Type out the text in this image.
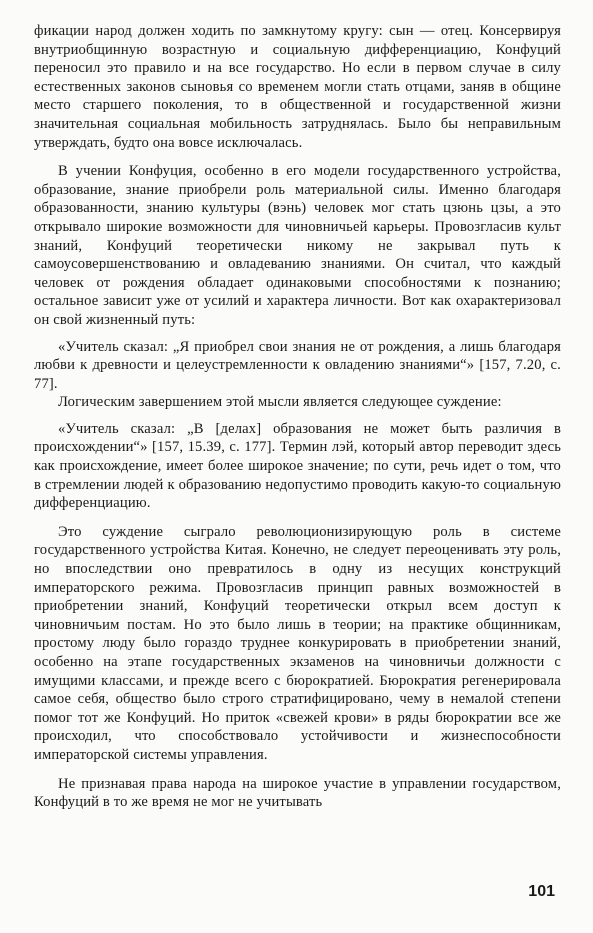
фикации народ должен ходить по замкнутому кругу: сын — отец. Консервируя внутриобщинную возрастную и социальную дифференциацию, Конфуций переносил это правило и на все государство. Но если в первом случае в силу естественных законов сыновья со временем могли стать отцами, заняв в общине место старшего поколения, то в общественной и государственной жизни значительная социальная мобильность затруднялась. Было бы неправильным утверждать, будто она вовсе исключалась.

В учении Конфуция, особенно в его модели государственного устройства, образование, знание приобрели роль материальной силы. Именно благодаря образованности, знанию культуры (вэнь) человек мог стать цзюнь цзы, а это открывало широкие возможности для чиновничьей карьеры. Провозгласив культ знаний, Конфуций теоретически никому не закрывал путь к самоусовершенствованию и овладеванию знаниями. Он считал, что каждый человек от рождения обладает одинаковыми способностями к познанию; остальное зависит уже от усилий и характера личности. Вот как охарактеризовал он свой жизненный путь:

«Учитель сказал: „Я приобрел свои знания не от рождения, а лишь благодаря любви к древности и целеустремленности к овладению знаниями“» [157, 7.20, с. 77].

Логическим завершением этой мысли является следующее суждение:

«Учитель сказал: „В [делах] образования не может быть различия в происхождении“» [157, 15.39, с. 177]. Термин лэй, который автор переводит здесь как происхождение, имеет более широкое значение; по сути, речь идет о том, что в стремлении людей к образованию недопустимо проводить какую-то социальную дифференциацию.

Это суждение сыграло революционизирующую роль в системе государственного устройства Китая. Конечно, не следует переоценивать эту роль, но впоследствии оно превратилось в одну из несущих конструкций императорского режима. Провозгласив принцип равных возможностей в приобретении знаний, Конфуций теоретически открыл всем доступ к чиновничьим постам. Но это было лишь в теории; на практике общинникам, простому люду было гораздо труднее конкурировать в приобретении знаний, особенно на этапе государственных экзаменов на чиновничьи должности с имущими классами, и прежде всего с бюрократией. Бюрократия регенерировала самое себя, общество было строго стратифицировано, чему в немалой степени помог тот же Конфуций. Но приток «свежей крови» в ряды бюрократии все же происходил, что способствовало устойчивости и жизнеспособности императорской системы управления.

Не признавая права народа на широкое участие в управлении государством, Конфуций в то же время не мог не учитывать

101
